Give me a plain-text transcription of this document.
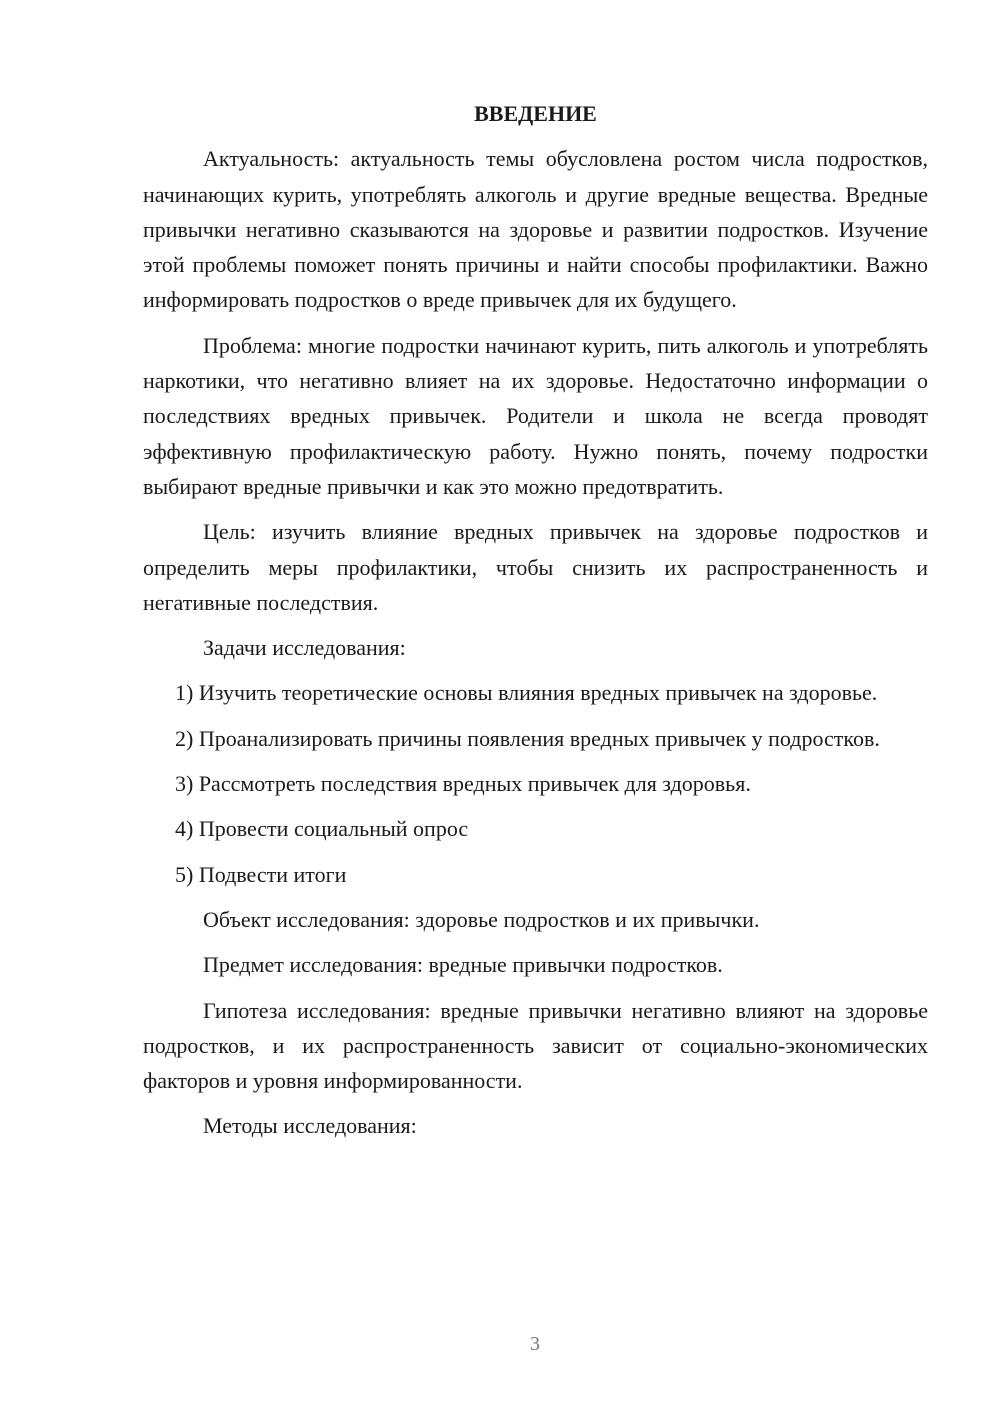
ВВЕДЕНИЕ
Актуальность: актуальность темы обусловлена ростом числа подростков, начинающих курить, употреблять алкоголь и другие вредные вещества. Вредные привычки негативно сказываются на здоровье и развитии подростков. Изучение этой проблемы поможет понять причины и найти способы профилактики. Важно информировать подростков о вреде привычек для их будущего.
Проблема: многие подростки начинают курить, пить алкоголь и употреблять наркотики, что негативно влияет на их здоровье. Недостаточно информации о последствиях вредных привычек. Родители и школа не всегда проводят эффективную профилактическую работу. Нужно понять, почему подростки выбирают вредные привычки и как это можно предотвратить.
Цель: изучить влияние вредных привычек на здоровье подростков и определить меры профилактики, чтобы снизить их распространенность и негативные последствия.
Задачи исследования:
1) Изучить теоретические основы влияния вредных привычек на здоровье.
2) Проанализировать причины появления вредных привычек у подростков.
3) Рассмотреть последствия вредных привычек для здоровья.
4) Провести социальный опрос
5) Подвести итоги
Объект исследования: здоровье подростков и их привычки.
Предмет исследования: вредные привычки подростков.
Гипотеза исследования: вредные привычки негативно влияют на здоровье подростков, и их распространенность зависит от социально-экономических факторов и уровня информированности.
Методы исследования:
3
